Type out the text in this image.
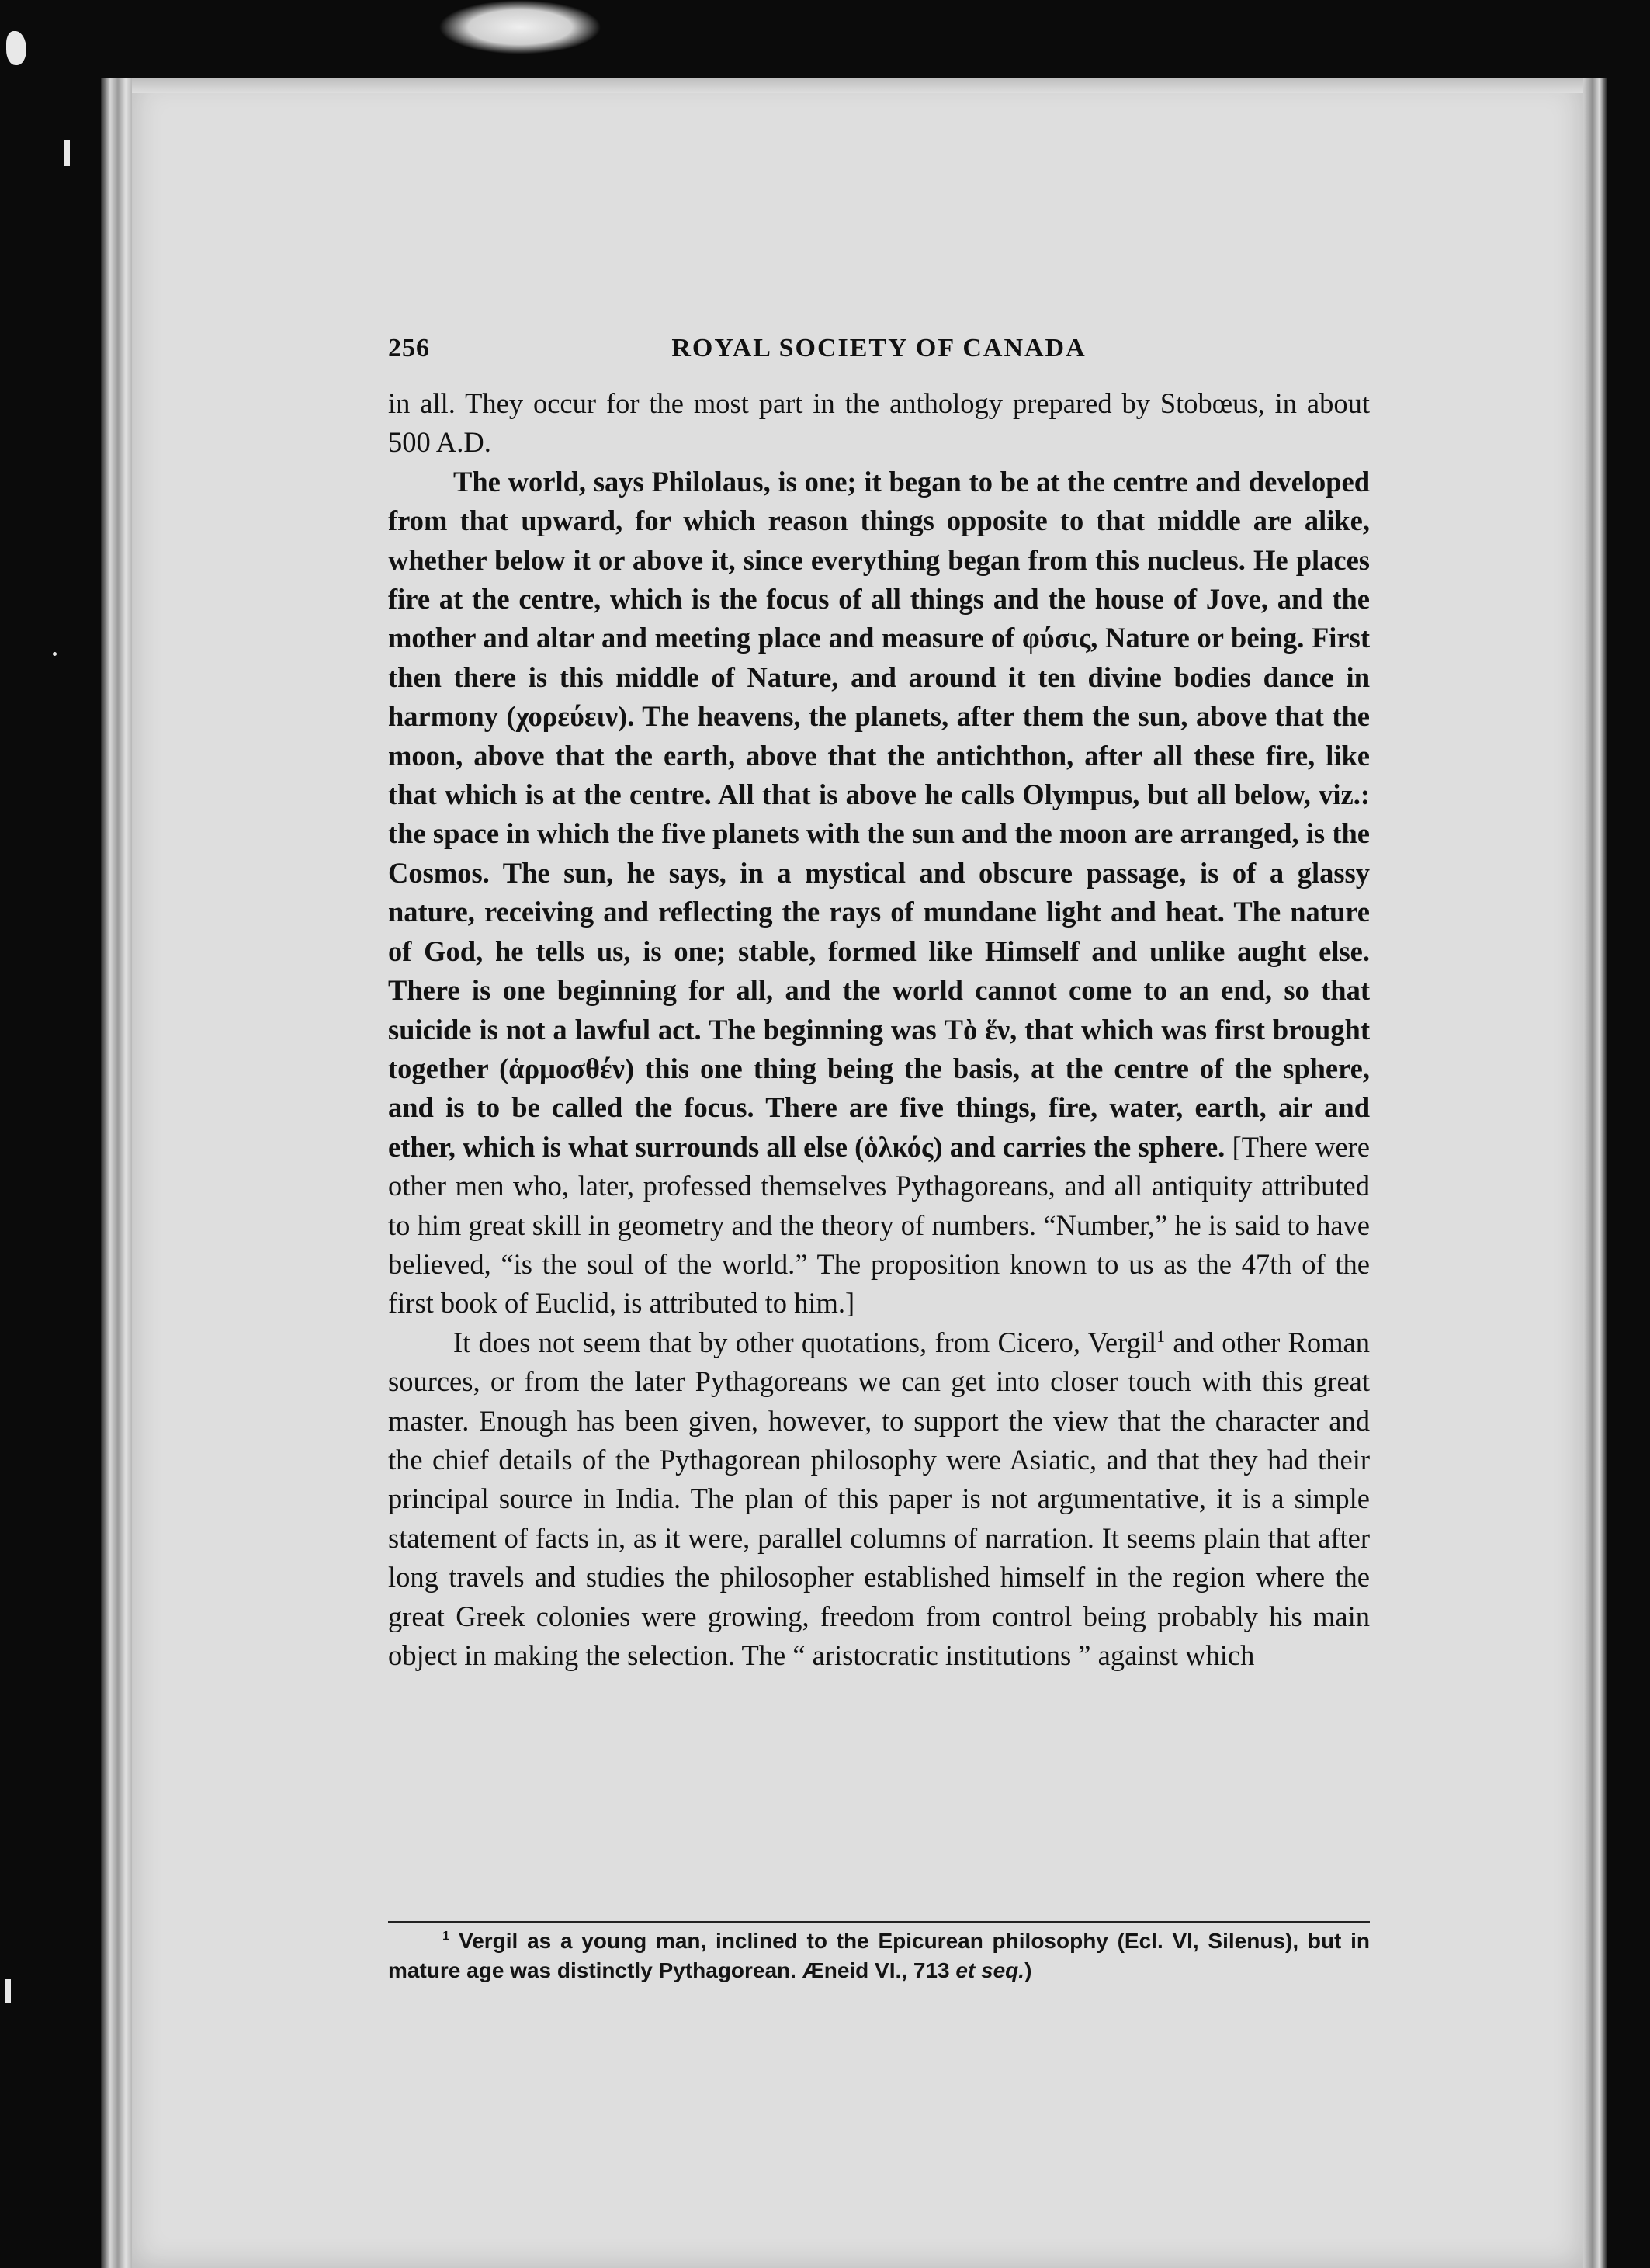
256	ROYAL SOCIETY OF CANADA

in all. They occur for the most part in the anthology prepared by Stobœus, in about 500 A.D.

The world, says Philolaus, is one; it began to be at the centre and developed from that upward, for which reason things opposite to that middle are alike, whether below it or above it, since everything began from this nucleus. He places fire at the centre, which is the focus of all things and the house of Jove, and the mother and altar and meeting place and measure of φύσις, Nature or being. First then there is this middle of Nature, and around it ten divine bodies dance in harmony (χορεύειν). The heavens, the planets, after them the sun, above that the moon, above that the earth, above that the antichthon, after all these fire, like that which is at the centre. All that is above he calls Olympus, but all below, viz.: the space in which the five planets with the sun and the moon are arranged, is the Cosmos. The sun, he says, in a mystical and obscure passage, is of a glassy nature, receiving and reflecting the rays of mundane light and heat. The nature of God, he tells us, is one; stable, formed like Himself and unlike aught else. There is one beginning for all, and the world cannot come to an end, so that suicide is not a lawful act. The beginning was Τὸ ἕν, that which was first brought together (ἁρμοσθέν) this one thing being the basis, at the centre of the sphere, and is to be called the focus. There are five things, fire, water, earth, air and ether, which is what surrounds all else (ὁλκός) and carries the sphere. [There were other men who, later, professed themselves Pythagoreans, and all antiquity attributed to him great skill in geometry and the theory of numbers. “Number,” he is said to have believed, “is the soul of the world.” The proposition known to us as the 47th of the first book of Euclid, is attributed to him.]

It does not seem that by other quotations, from Cicero, Vergil$^1$ and other Roman sources, or from the later Pythagoreans we can get into closer touch with this great master. Enough has been given, however, to support the view that the character and the chief details of the Pythagorean philosophy were Asiatic, and that they had their principal source in India. The plan of this paper is not argumentative, it is a simple statement of facts in, as it were, parallel columns of narration. It seems plain that after long travels and studies the philosopher established himself in the region where the great Greek colonies were growing, freedom from control being probably his main object in making the selection. The “ aristocratic institutions ” against which

$^1$ Vergil as a young man, inclined to the Epicurean philosophy (Ecl. VI, Silenus), but in mature age was distinctly Pythagorean. Æneid VI., 713 et seq.)
